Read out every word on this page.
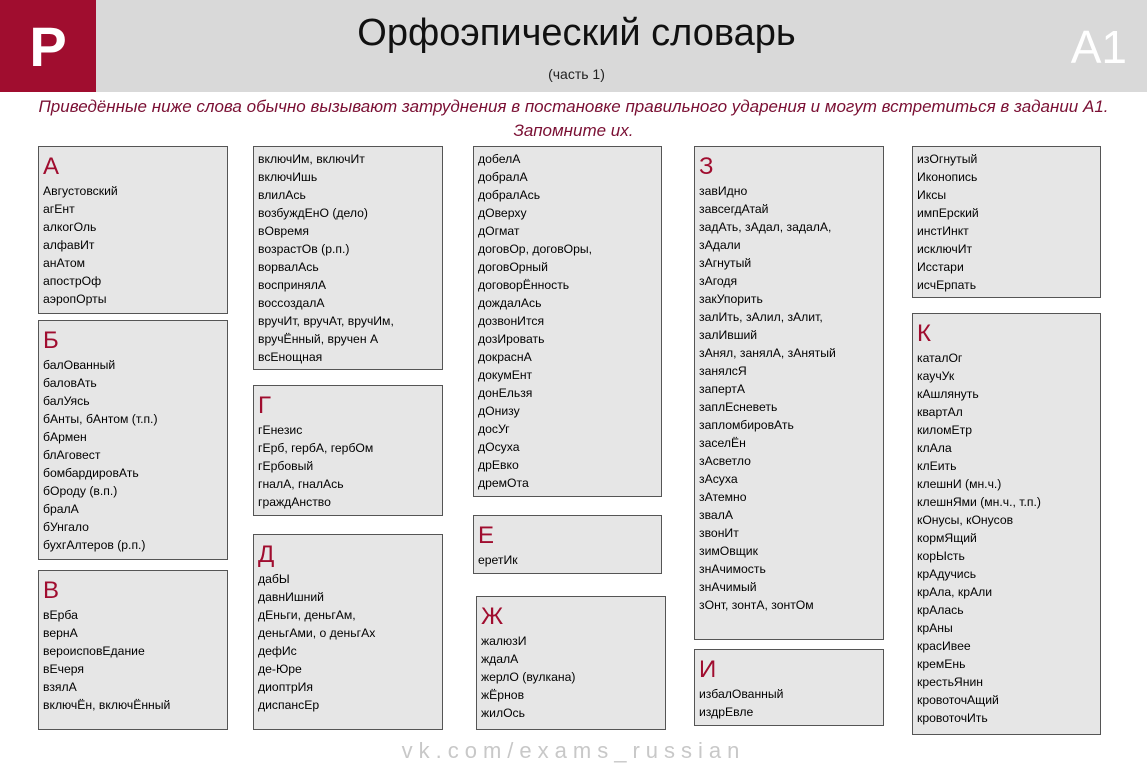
Р	Орфоэпический словарь
(часть 1)
А1
Приведённые ниже слова обычно вызывают затруднения в постановке правильного ударения и могут встретиться в задании А1. Запомните их.
А
Августовский
агЕнт
алкогОль
алфавИт
анАтом
апострОф
аэропОрты
Б
балОванный
баловАть
балУясь
бАнты, бАнтом (т.п.)
бАрмен
блАговест
бомбардировАть
бОроду (в.п.)
бралА
бУнгало
бухгАлтеров (р.п.)
В
вЕрба
вернА
вероисповЕдание
вЕчеря
взялА
включЁн, включЁнный
включИм, включИт
включИшь
влилАсь
возбуждЕнО (дело)
вОвремя
возрастОв (р.п.)
ворвалАсь
воспринялА
воссоздалА
вручИт, вручАт, вручИм,
вручЁнный, вручен А
всЕнощная
Г
гЕнезис
гЕрб, гербА, гербОм
гЕрбовый
гналА, гналАсь
граждАнство
Д
дабЫ
давнИшний
дЕньги, деньгАм,
деньгАми, о деньгАх
дефИс
де-Юре
диоптрИя
диспансЕр
добелА
добралА
добралАсь
дОверху
дОгмат
договОр, договОры,
договОрный
договорЁнность
дождалАсь
дозвонИтся
дозИровать
докраснА
докумЕнт
донЕльзя
дОнизу
досУг
дОсуха
дрЕвко
дремОта
Е
еретИк
Ж
жалюзИ
ждалА
жерлО (вулкана)
жЁрнов
жилОсь
З
завИдно
завсегдАтай
задАть, зАдал, задалА,
зАдали
зАгнутый
зАгодя
закУпорить
залИть, зАлил, зАлит,
залИвший
зАнял, занялА, зАнятый
занялсЯ
запертА
заплЕсневеть
запломбировАть
заселЁн
зАсветло
зАсуха
зАтемно
звалА
звонИт
зимОвщик
знАчимость
знАчимый
зОнт, зонтА, зонтОм
И
избалОванный
издрЕвле
изОгнутый
Иконопись
Иксы
импЕрский
инстИнкт
исключИт
Исстари
исчЕрпать
К
каталОг
каучУк
кАшлянуть
квартАл
киломЕтр
клАла
клЕить
клешнИ (мн.ч.)
клешнЯми (мн.ч., т.п.)
кОнусы, кОнусов
кормЯщий
корЫсть
крАдучись
крАла, крАли
крАлась
крАны
красИвее
кремЕнь
крестьЯнин
кровоточАщий
кровоточИть
vk.com/exams_russian
